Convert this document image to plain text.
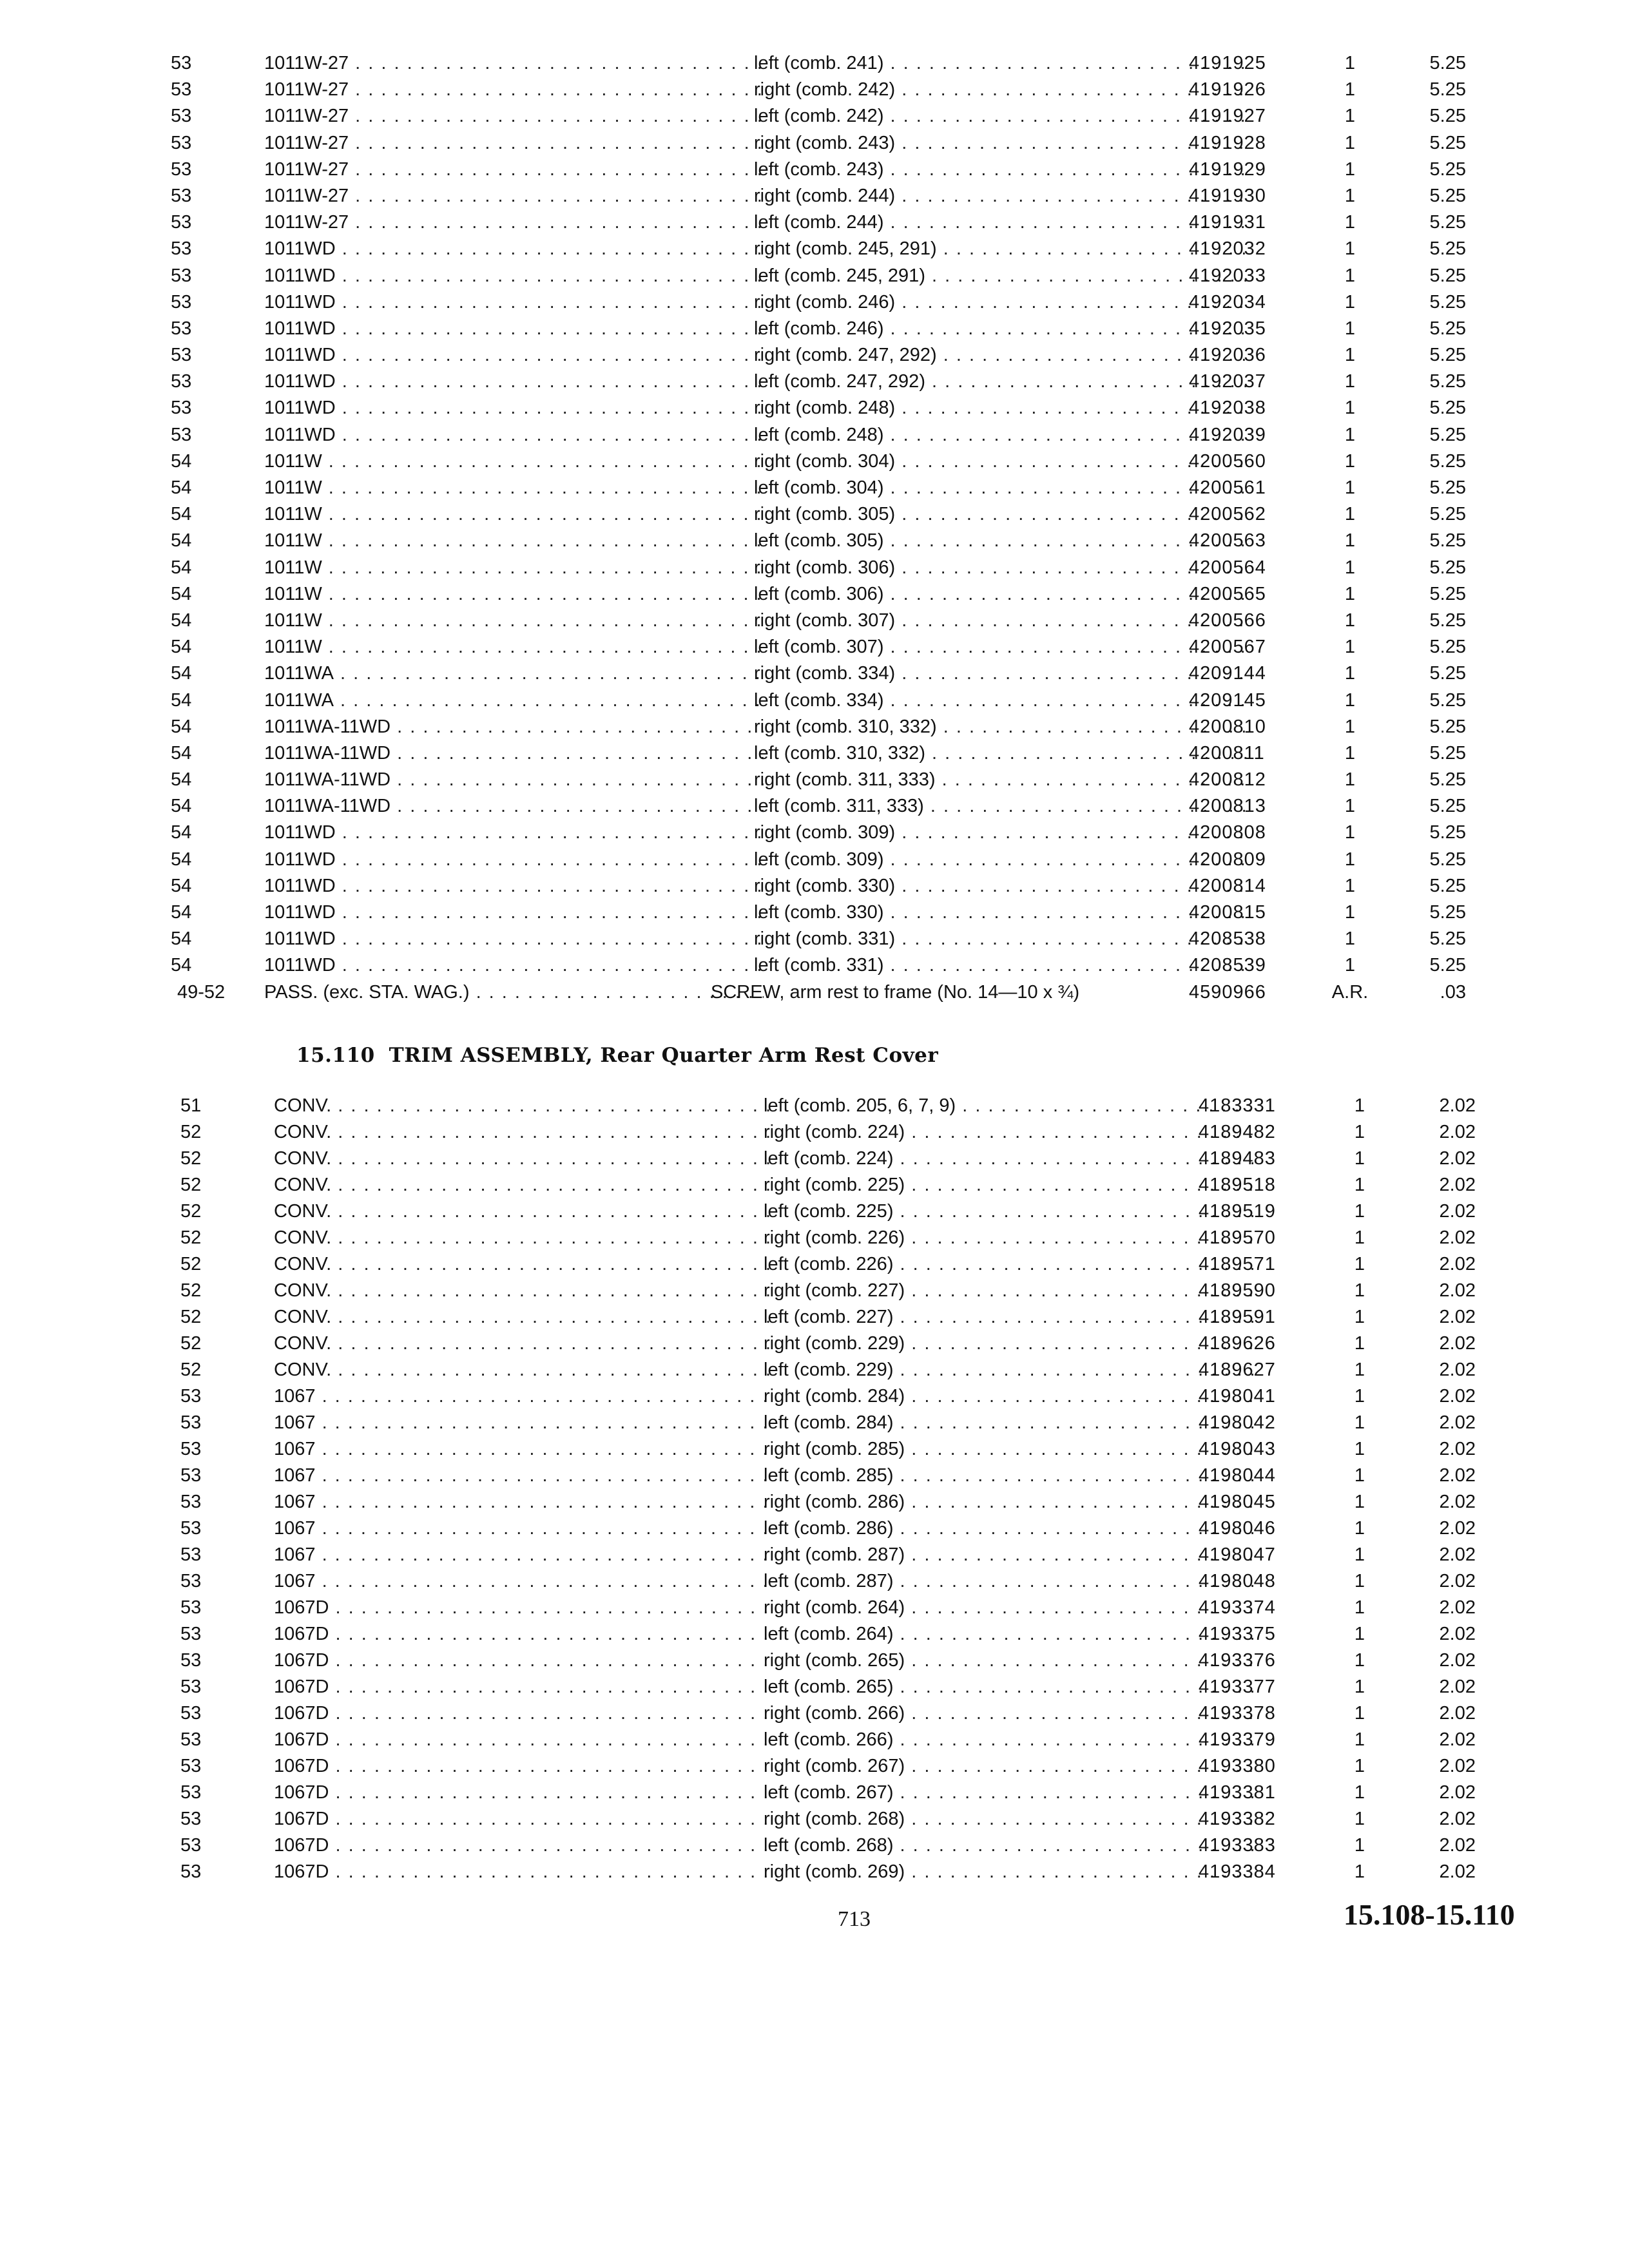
53	1011W-27 . . .	left (comb. 241) . . .	4191925	1	5.25
53	1011W-27 . . .	right (comb. 242) . . .	4191926	1	5.25
53	1011W-27 . . .	left (comb. 242) . . .	4191927	1	5.25
53	1011W-27 . . .	right (comb. 243) . . .	4191928	1	5.25
53	1011W-27 . . .	left (comb. 243) . . .	4191929	1	5.25
53	1011W-27 . . .	right (comb. 244) . . .	4191930	1	5.25
53	1011W-27 . . .	left (comb. 244) . . .	4191931	1	5.25
53	1011WD . . .	right (comb. 245, 291) . . .	4192032	1	5.25
53	1011WD . . .	left (comb. 245, 291) . . .	4192033	1	5.25
53	1011WD . . .	right (comb. 246) . . .	4192034	1	5.25
53	1011WD . . .	left (comb. 246) . . .	4192035	1	5.25
53	1011WD . . .	right (comb. 247, 292) . . .	4192036	1	5.25
53	1011WD . . .	left (comb. 247, 292) . . .	4192037	1	5.25
53	1011WD . . .	right (comb. 248) . . .	4192038	1	5.25
53	1011WD . . .	left (comb. 248) . . .	4192039	1	5.25
54	1011W . . .	right (comb. 304) . . .	4200560	1	5.25
54	1011W . . .	left (comb. 304) . . .	4200561	1	5.25
54	1011W . . .	right (comb. 305) . . .	4200562	1	5.25
54	1011W . . .	left (comb. 305) . . .	4200563	1	5.25
54	1011W . . .	right (comb. 306) . . .	4200564	1	5.25
54	1011W . . .	left (comb. 306) . . .	4200565	1	5.25
54	1011W . . .	right (comb. 307) . . .	4200566	1	5.25
54	1011W . . .	left (comb. 307) . . .	4200567	1	5.25
54	1011WA . . .	right (comb. 334) . . .	4209144	1	5.25
54	1011WA . . .	left (comb. 334) . . .	4209145	1	5.25
54	1011WA-11WD . . .	right (comb. 310, 332) . . .	4200810	1	5.25
54	1011WA-11WD . . .	left (comb. 310, 332) . . .	4200811	1	5.25
54	1011WA-11WD . . .	right (comb. 311, 333) . . .	4200812	1	5.25
54	1011WA-11WD . . .	left (comb. 311, 333) . . .	4200813	1	5.25
54	1011WD . . .	right (comb. 309) . . .	4200808	1	5.25
54	1011WD . . .	left (comb. 309) . . .	4200809	1	5.25
54	1011WD . . .	right (comb. 330) . . .	4200814	1	5.25
54	1011WD . . .	left (comb. 330) . . .	4200815	1	5.25
54	1011WD . . .	right (comb. 331) . . .	4208538	1	5.25
54	1011WD . . .	left (comb. 331) . . .	4208539	1	5.25
49-52	PASS. (exc. STA. WAG.) . . .	SCREW, arm rest to frame (No. 14—10 x ¾)	4590966	A.R.	.03
15.110 TRIM ASSEMBLY, Rear Quarter Arm Rest Cover
51	CONV. . . .	left (comb. 205, 6, 7, 9) . . .	4183331	1	2.02
52	CONV. . . .	right (comb. 224) . . .	4189482	1	2.02
52	CONV. . . .	left (comb. 224) . . .	4189483	1	2.02
52	CONV. . . .	right (comb. 225) . . .	4189518	1	2.02
52	CONV. . . .	left (comb. 225) . . .	4189519	1	2.02
52	CONV. . . .	right (comb. 226) . . .	4189570	1	2.02
52	CONV. . . .	left (comb. 226) . . .	4189571	1	2.02
52	CONV. . . .	right (comb. 227) . . .	4189590	1	2.02
52	CONV. . . .	left (comb. 227) . . .	4189591	1	2.02
52	CONV. . . .	right (comb. 229) . . .	4189626	1	2.02
52	CONV. . . .	left (comb. 229) . . .	4189627	1	2.02
53	1067 . . .	right (comb. 284) . . .	4198041	1	2.02
53	1067 . . .	left (comb. 284) . . .	4198042	1	2.02
53	1067 . . .	right (comb. 285) . . .	4198043	1	2.02
53	1067 . . .	left (comb. 285) . . .	4198044	1	2.02
53	1067 . . .	right (comb. 286) . . .	4198045	1	2.02
53	1067 . . .	left (comb. 286) . . .	4198046	1	2.02
53	1067 . . .	right (comb. 287) . . .	4198047	1	2.02
53	1067 . . .	left (comb. 287) . . .	4198048	1	2.02
53	1067D . . .	right (comb. 264) . . .	4193374	1	2.02
53	1067D . . .	left (comb. 264) . . .	4193375	1	2.02
53	1067D . . .	right (comb. 265) . . .	4193376	1	2.02
53	1067D . . .	left (comb. 265) . . .	4193377	1	2.02
53	1067D . . .	right (comb. 266) . . .	4193378	1	2.02
53	1067D . . .	left (comb. 266) . . .	4193379	1	2.02
53	1067D . . .	right (comb. 267) . . .	4193380	1	2.02
53	1067D . . .	left (comb. 267) . . .	4193381	1	2.02
53	1067D . . .	right (comb. 268) . . .	4193382	1	2.02
53	1067D . . .	left (comb. 268) . . .	4193383	1	2.02
53	1067D . . .	right (comb. 269) . . .	4193384	1	2.02
713	15.108-15.110
